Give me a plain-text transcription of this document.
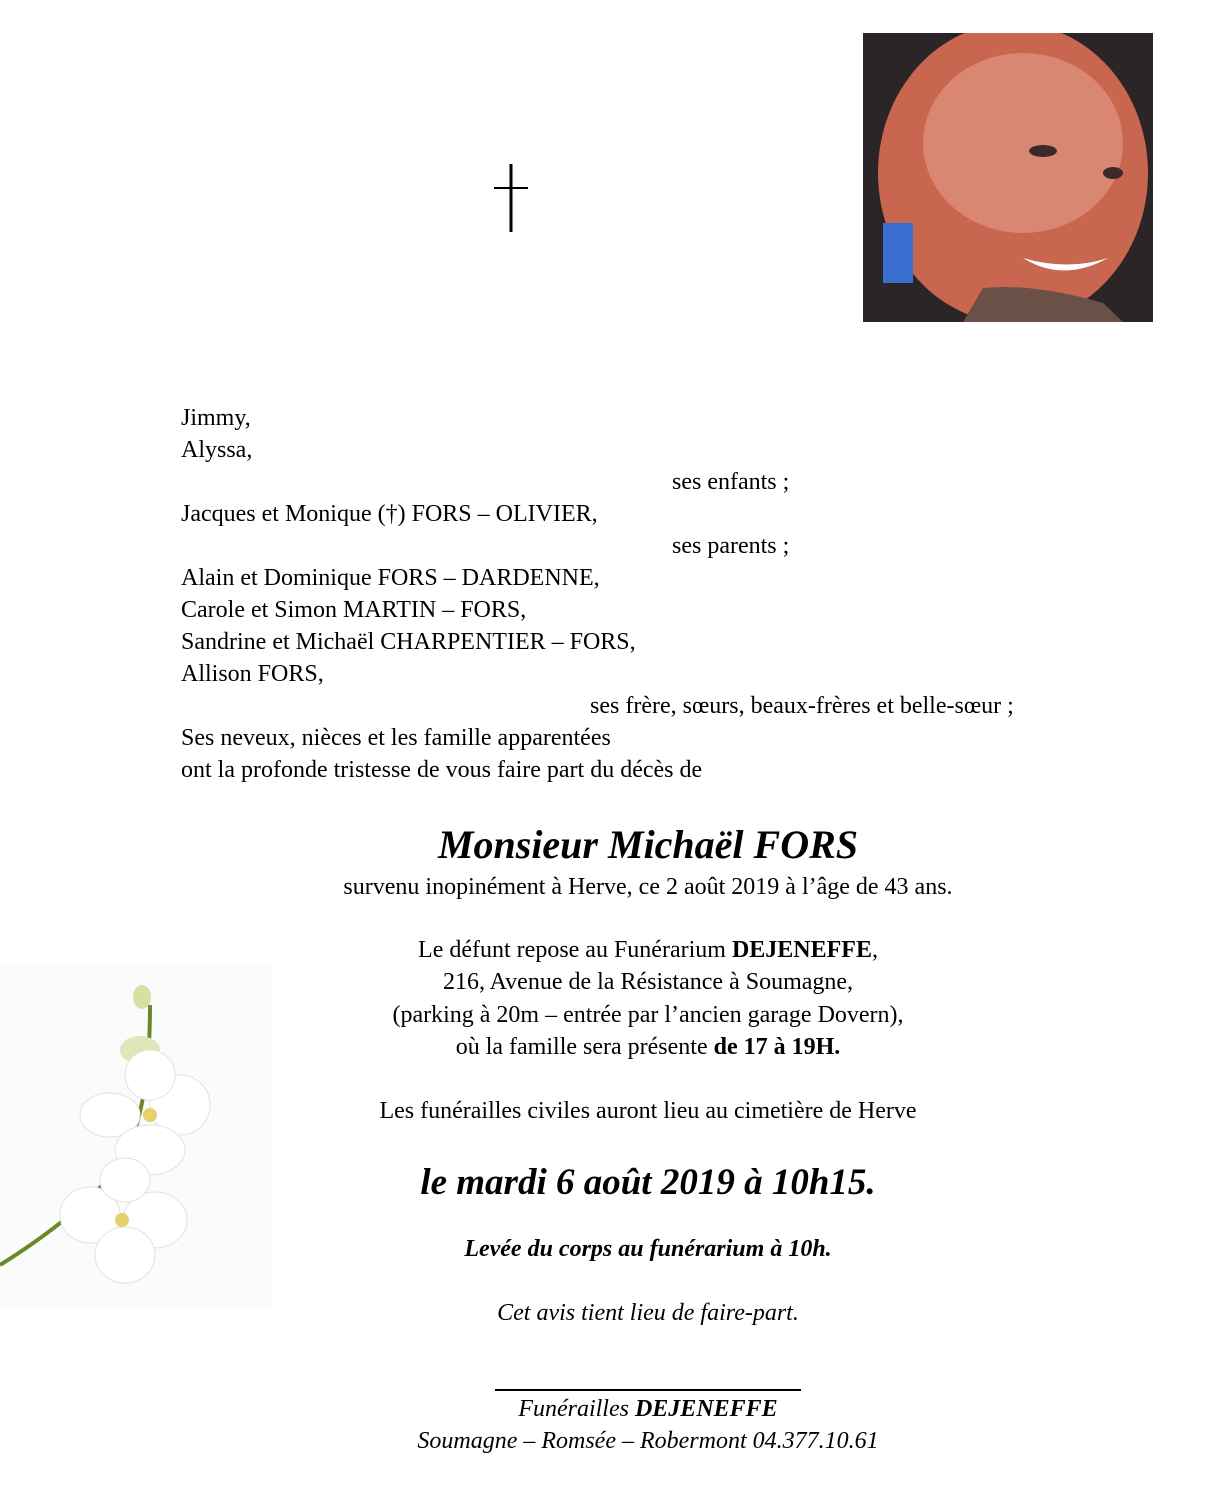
Jimmy,
Alyssa,
ses enfants ;
Jacques et Monique (†) FORS – OLIVIER,
ses parents ;
Alain et Dominique FORS – DARDENNE,
Carole et Simon MARTIN – FORS,
Sandrine et Michaël CHARPENTIER – FORS,
Allison FORS,
ses frère, sœurs, beaux-frères et belle-sœur ;
Ses neveux, nièces et les famille apparentées
ont la profonde tristesse de vous faire part du décès de
Monsieur Michaël FORS
survenu inopinément à Herve, ce 2 août 2019 à l’âge de 43 ans.
Le défunt repose au Funérarium DEJENEFFE,
216, Avenue de la Résistance à Soumagne,
(parking à 20m – entrée par l’ancien garage Dovern),
où la famille sera présente de 17 à 19H.
Les funérailles civiles auront lieu au cimetière de Herve
le mardi 6 août 2019 à 10h15.
Levée du corps au funérarium à 10h.
Cet avis tient lieu de faire-part.
Funérailles DEJENEFFE
Soumagne – Romsée – Robermont 04.377.10.61
